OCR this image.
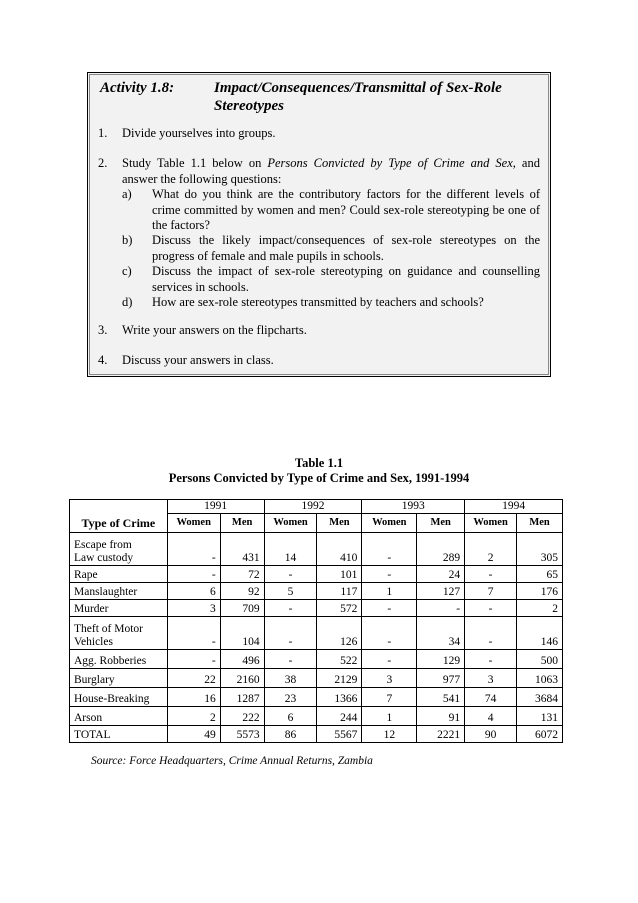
Activity 1.8:	Impact/Consequences/Transmittal of Sex-Role Stereotypes
1. Divide yourselves into groups.
2. Study Table 1.1 below on Persons Convicted by Type of Crime and Sex, and answer the following questions:
a) What do you think are the contributory factors for the different levels of crime committed by women and men? Could sex-role stereotyping be one of the factors?
b) Discuss the likely impact/consequences of sex-role stereotypes on the progress of female and male pupils in schools.
c) Discuss the impact of sex-role stereotyping on guidance and counselling services in schools.
d) How are sex-role stereotypes transmitted by teachers and schools?
3. Write your answers on the flipcharts.
4. Discuss your answers in class.
Table 1.1
Persons Convicted by Type of Crime and Sex, 1991-1994
Type of Crime	1991		1992		1993		1994	
	Women	Men	Women	Men	Women	Men	Women	Men

Escape from
Law custody	-	431	14	410	-	289	2	305

Rape	-	72	-	101	-	24	-	65

Manslaughter	6	92	5	117	1	127	7	176

Murder	3	709	-	572	-	-	-	2

Theft of Motor
Vehicles	-	104	-	126	-	34	-	146

Agg. Robberies	-	496	-	522	-	129	-	500

Burglary	22	2160	38	2129	3	977	3	1063

House-Breaking	16	1287	23	1366	7	541	74	3684

Arson	2	222	6	244	1	91	4	131

TOTAL	49	5573	86	5567	12	2221	90	6072
Source: Force Headquarters, Crime Annual Returns, Zambia
